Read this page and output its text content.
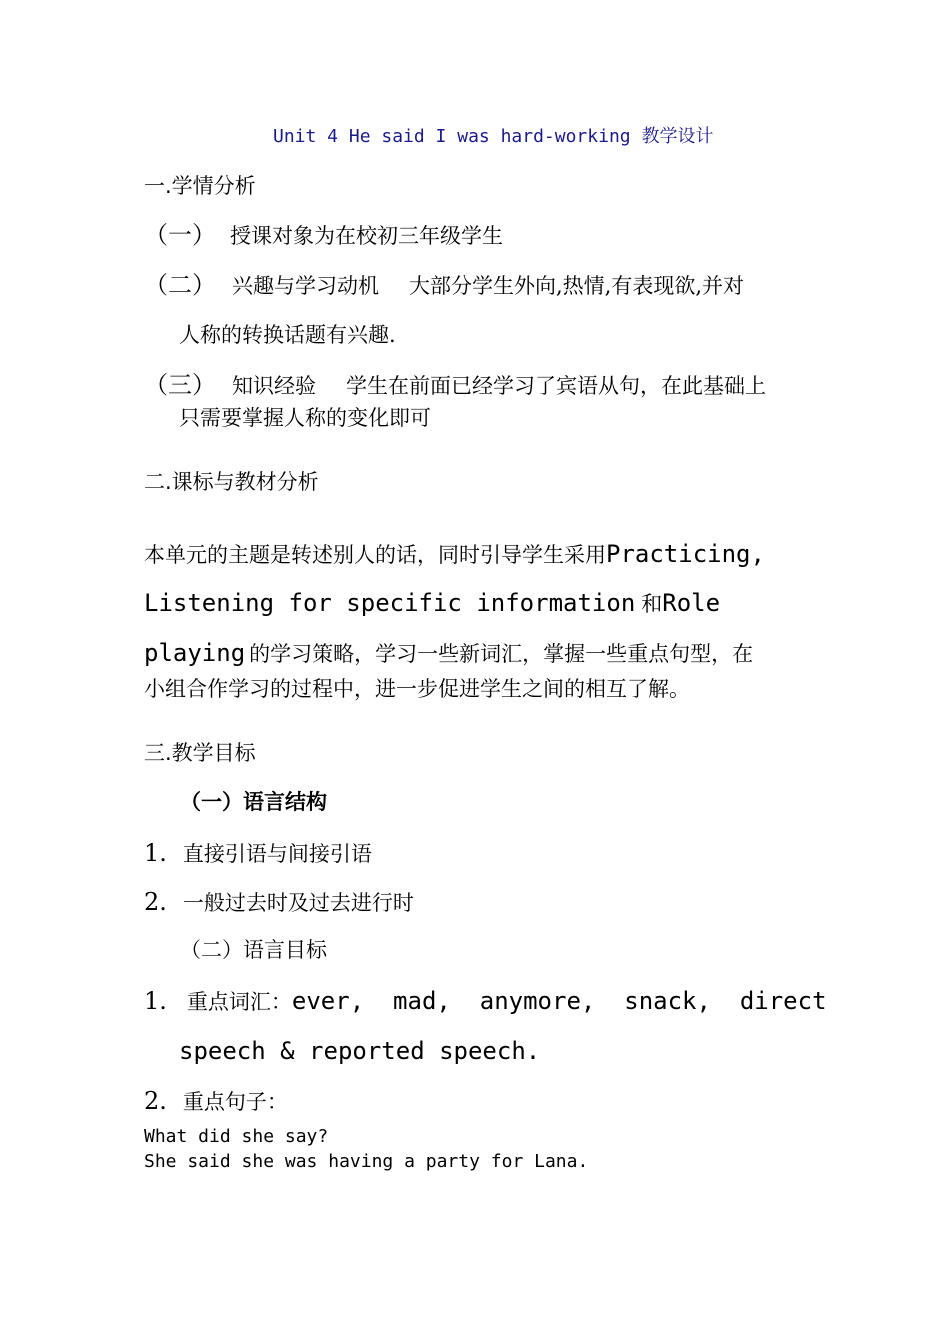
Unit 4 He said I was hard-working 教学设计
一.学情分析
（一） 授课对象为在校初三年级学生
（二） 兴趣与学习动机 大部分学生外向,热情,有表现欲,并对
人称的转换话题有兴趣.
（三） 知识经验 学生在前面已经学习了宾语从句，在此基础上
只需要掌握人称的变化即可
二.课标与教材分析
本单元的主题是转述别人的话，同时引导学生采用Practicing,
Listening for specific information 和Role
playing 的学习策略，学习一些新词汇，掌握一些重点句型，在
小组合作学习的过程中，进一步促进学生之间的相互了解。
三.教学目标
（一）语言结构
1. 直接引语与间接引语
2. 一般过去时及过去进行时
（二）语言目标
1. 重点词汇：ever,  mad,  anymore,  snack,  direct
speech & reported speech.
2. 重点句子：
What did she say?
She said she was having a party for Lana.
